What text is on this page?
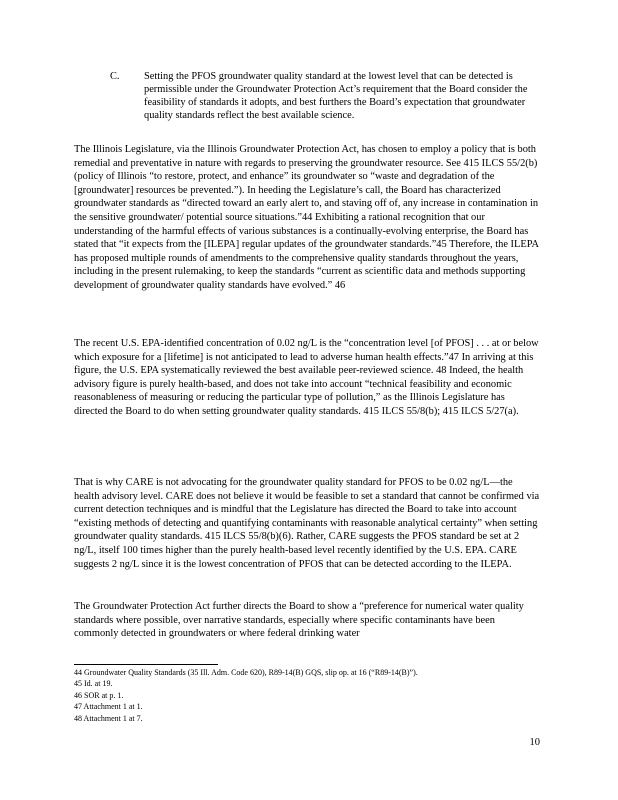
C. Setting the PFOS groundwater quality standard at the lowest level that can be detected is permissible under the Groundwater Protection Act’s requirement that the Board consider the feasibility of standards it adopts, and best furthers the Board’s expectation that groundwater quality standards reflect the best available science.

The Illinois Legislature, via the Illinois Groundwater Protection Act, has chosen to employ a policy that is both remedial and preventative in nature with regards to preserving the groundwater resource. See 415 ILCS 55/2(b) (policy of Illinois “to restore, protect, and enhance” its groundwater so “waste and degradation of the [groundwater] resources be prevented.”). In heeding the Legislature’s call, the Board has characterized groundwater standards as “directed toward an early alert to, and staving off of, any increase in contamination in the sensitive groundwater/ potential source situations.”44 Exhibiting a rational recognition that our understanding of the harmful effects of various substances is a continually-evolving enterprise, the Board has stated that “it expects from the [ILEPA] regular updates of the groundwater standards.”45 Therefore, the ILEPA has proposed multiple rounds of amendments to the comprehensive quality standards throughout the years, including in the present rulemaking, to keep the standards “current as scientific data and methods supporting development of groundwater quality standards have evolved.” 46

The recent U.S. EPA-identified concentration of 0.02 ng/L is the “concentration level [of PFOS] . . . at or below which exposure for a [lifetime] is not anticipated to lead to adverse human health effects.”47 In arriving at this figure, the U.S. EPA systematically reviewed the best available peer-reviewed science. 48 Indeed, the health advisory figure is purely health-based, and does not take into account “technical feasibility and economic reasonableness of measuring or reducing the particular type of pollution,” as the Illinois Legislature has directed the Board to do when setting groundwater quality standards. 415 ILCS 55/8(b); 415 ILCS 5/27(a).

That is why CARE is not advocating for the groundwater quality standard for PFOS to be 0.02 ng/L—the health advisory level. CARE does not believe it would be feasible to set a standard that cannot be confirmed via current detection techniques and is mindful that the Legislature has directed the Board to take into account “existing methods of detecting and quantifying contaminants with reasonable analytical certainty” when setting groundwater quality standards. 415 ILCS 55/8(b)(6). Rather, CARE suggests the PFOS standard be set at 2 ng/L, itself 100 times higher than the purely health-based level recently identified by the U.S. EPA. CARE suggests 2 ng/L since it is the lowest concentration of PFOS that can be detected according to the ILEPA.

The Groundwater Protection Act further directs the Board to show a “preference for numerical water quality standards where possible, over narrative standards, especially where specific contaminants have been commonly detected in groundwaters or where federal drinking water

44 Groundwater Quality Standards (35 Ill. Adm. Code 620), R89-14(B) GQS, slip op. at 16 (“R89-14(B)”).
45 Id. at 19.
46 SOR at p. 1.
47 Attachment 1 at 1.
48 Attachment 1 at 7.
10
